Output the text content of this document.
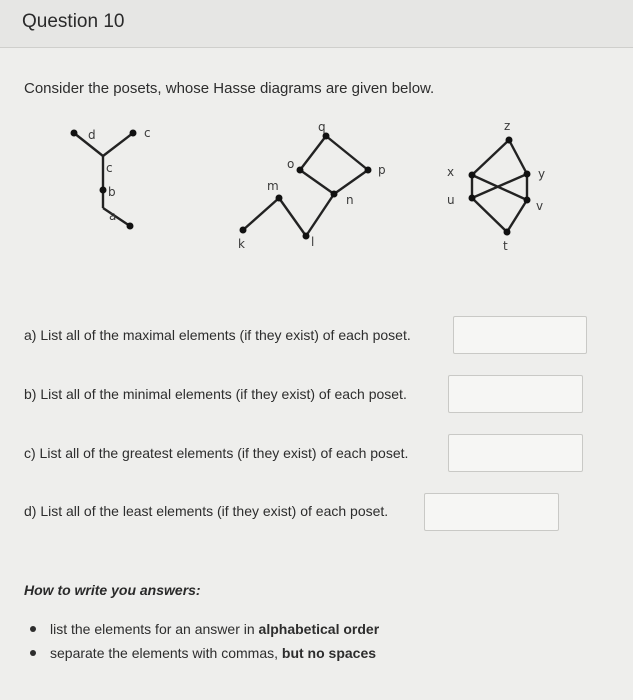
Question 10
Consider the posets, whose Hasse diagrams are given below.
d	c
c
b
a
q
o	p
m
n
k	l
z
x	y
u	v
t
a) List all of the maximal elements (if they exist) of each poset.
b) List all of the minimal elements (if they exist) of each poset.
c) List all of the greatest elements (if they exist) of each poset.
d) List all of the least elements (if they exist) of each poset.
How to write you answers:
list the elements for an answer in alphabetical order
separate the elements with commas, but no spaces
